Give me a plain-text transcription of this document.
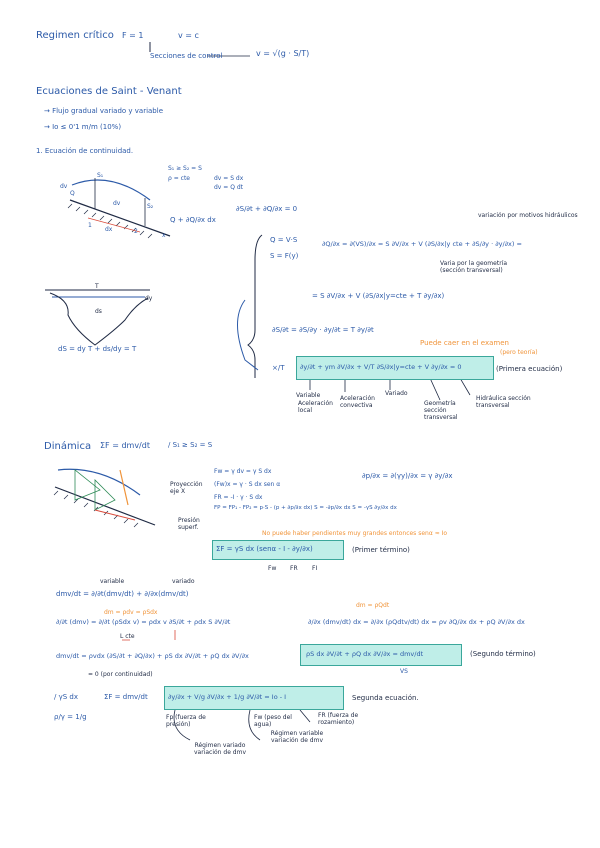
Regimen crítico F = 1	v = c
Secciones de control	v = √(g · S/T)
Ecuaciones de Saint - Venant
→ Flujo gradual variado y variable
→ Io ≤ 0'1 m/m (10%)
1. Ecuación de continuidad.
S₁ ≥ S₂ = S
ρ = cte	dv = S dx
dv = Q dt
dv
Q
S₁
dv	S₂
dx
1
2
x
Q + ∂Q/∂x dx
∂S/∂t + ∂Q/∂x = 0
Q = V·S
S = F(y)
∂Q/∂x = ∂(VS)/∂x = S ∂V/∂x + V (∂S/∂x|y cte + ∂S/∂y · ∂y/∂x) =
variación por motivos hidráulicos
Varia por la geometría (sección transversal)
= S ∂V/∂x + V (∂S/∂x|y=cte + T ∂y/∂x)
∂S/∂t = ∂S/∂y · ∂y/∂t = T ∂y/∂t
T
dy
ds
dS = dy T + ds/dy = T
×/T
Puede caer en el examen
(pero teoría)
∂y/∂t + ym ∂V/∂x + V/T ∂S/∂x|y=cte + V ∂y/∂x = 0	(Primera ecuación)
Variable
Aceleración local
Aceleración convectiva
Variado
Geometría sección transversal
Hidráulica sección transversal
Dinámica ΣF = dmv/dt	/ S₁ ≥ S₂ = S
Proyección eje X
Fw = γ dv = γ S dx
(Fw)x = γ · S dx sen α
FR = -I · γ · S dx
FP = FP₁ - FP₂ = p·S - (p + ∂p/∂x dx) S = -∂p/∂x dx S = -γS ∂y/∂x dx
Presión superf.
∂p/∂x = ∂(γy)/∂x = γ ∂y/∂x
No puede haber pendientes muy grandes entonces senα ≈ Io
ΣF = γS dx (senα - I - ∂y/∂x)	(Primer término)
Fw FR FI
variable	variado
dmv/dt = ∂/∂t(dmv/dt) + ∂/∂x(dmv/dt)
dm = ρdv = ρSdx
dm = ρQdt
∂/∂t (dmv) = ∂/∂t (ρSdx v) = ρdx v ∂S/∂t + ρdx S ∂V/∂t	∂/∂x (dmv/dt) dx = ∂/∂x (ρQdtv/dt) dx = ρv ∂Q/∂x dx + ρQ ∂V/∂x dx
L cte
dmv/dt = ρvdx (∂S/∂t + ∂Q/∂x) + ρS dx ∂V/∂t + ρQ dx ∂V/∂x	ρS dx ∂V/∂t + ρQ dx ∂V/∂x = dmv/dt	(Segundo término)
= 0 (por continuidad)	VS
/ γS dx	ΣF = dmv/dt
ρ/γ = 1/g
∂y/∂x + V/g ∂V/∂x + 1/g ∂V/∂t = Io - I	Segunda ecuación.
Fp (fuerza de presión)
Fw (peso del agua)
FR (fuerza de rozamiento)
Régimen variado variación de dmv
Régimen variable variación de dmv
